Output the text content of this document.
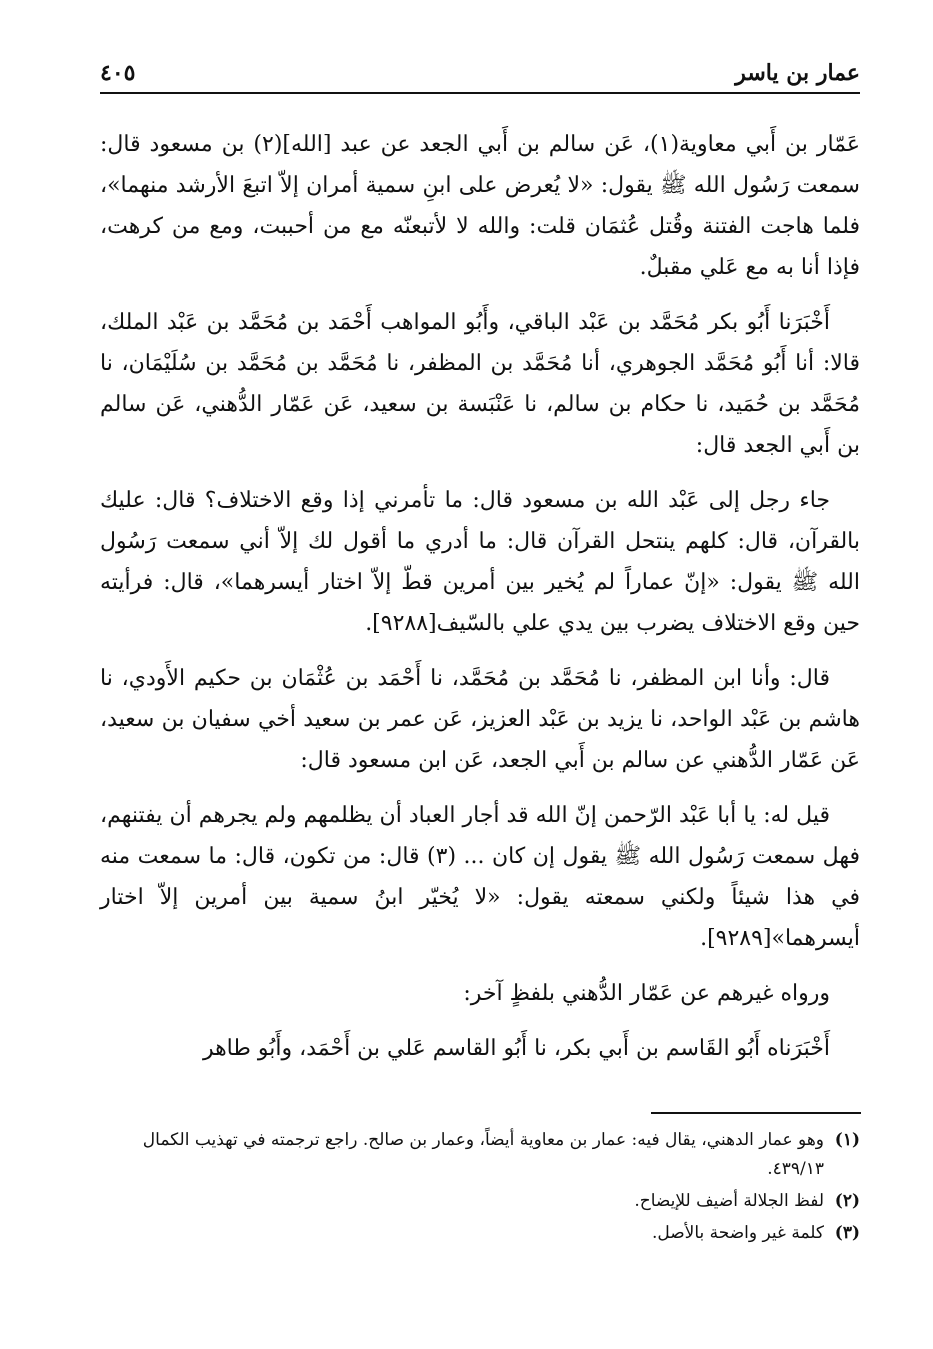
عمار بن ياسر
٤٠٥

عَمّار بن أَبي معاوية(١)، عَن سالم بن أَبي الجعد عن عبد [الله](٢) بن مسعود قال: سمعت رَسُول الله ﷺ يقول: «لا يُعرض على ابنِ سمية أمران إلاّ اتبعَ الأرشد منهما»، فلما هاجت الفتنة وقُتل عُثمَان قلت: والله لا لأتبعنّه مع من أحببت، ومع من كرهت، فإذا أنا به مع عَلي مقبلٌ.

أَخْبَرَنا أَبُو بكر مُحَمَّد بن عَبْد الباقي، وأَبُو المواهب أَحْمَد بن مُحَمَّد بن عَبْد الملك، قالا: أنا أَبُو مُحَمَّد الجوهري، أنا مُحَمَّد بن المظفر، نا مُحَمَّد بن مُحَمَّد بن سُلَيْمَان، نا مُحَمَّد بن حُمَيد، نا حكام بن سالم، نا عَنْبَسة بن سعيد، عَن عَمّار الدُّهني، عَن سالم بن أَبي الجعد قال:

جاء رجل إلى عَبْد الله بن مسعود قال: ما تأمرني إذا وقع الاختلاف؟ قال: عليك بالقرآن، قال: كلهم ينتحل القرآن قال: ما أدري ما أقول لك إلاّ أني سمعت رَسُول الله ﷺ يقول: «إنّ عماراً لم يُخير بين أمرين قطّ إلاّ اختار أيسرهما»، قال: فرأيته حين وقع الاختلاف يضرب بين يدي علي بالسّيف[٩٢٨٨].

قال: وأنا ابن المظفر، نا مُحَمَّد بن مُحَمَّد، نا أَحْمَد بن عُثْمَان بن حكيم الأَودي، نا هاشم بن عَبْد الواحد، نا يزيد بن عَبْد العزيز، عَن عمر بن سعيد أخي سفيان بن سعيد، عَن عَمّار الدُّهني عن سالم بن أَبي الجعد، عَن ابن مسعود قال:

قيل له: يا أبا عَبْد الرّحمن إنّ الله قد أجار العباد أن يظلمهم ولم يجرهم أن يفتنهم، فهل سمعت رَسُول الله ﷺ يقول إن كان ... (٣) قال: من تكون، قال: ما سمعت منه في هذا شيئاً ولكني سمعته يقول: «لا يُخيّر ابنُ سمية بين أمرين إلاّ اختار أيسرهما»[٩٢٨٩].

ورواه غيرهم عن عَمّار الدُّهني بلفظٍ آخر:

أَخْبَرَناه أَبُو القَاسم بن أَبي بكر، نا أَبُو القاسم عَلي بن أَحْمَد، وأَبُو طاهر

(١)
وهو عمار الدهني، يقال فيه: عمار بن معاوية أيضاً، وعمار بن صالح. راجع ترجمته في تهذيب الكمال ٤٣٩/١٣.
(٢)
لفظ الجلالة أضيف للإيضاح.
(٣)
كلمة غير واضحة بالأصل.
